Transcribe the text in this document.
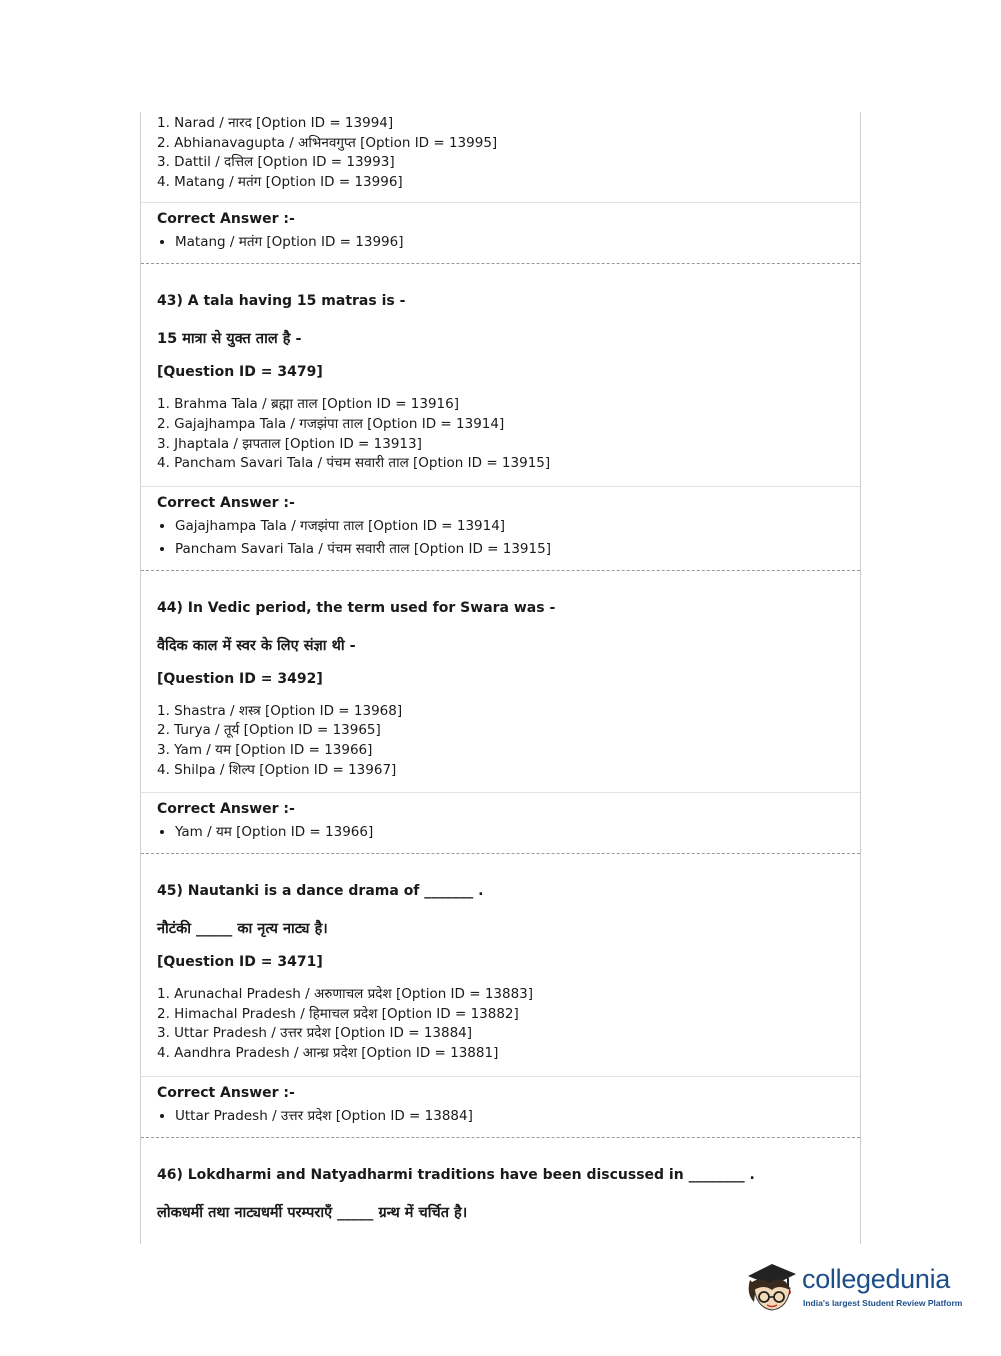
1. Narad / नारद [Option ID = 13994]
2. Abhianavagupta / अभिनवगुप्त [Option ID = 13995]
3. Dattil / दत्तिल [Option ID = 13993]
4. Matang / मतंग [Option ID = 13996]
Correct Answer :-
• Matang / मतंग [Option ID = 13996]
43) A tala having 15 matras is -
15 मात्रा से युक्त ताल है -
[Question ID = 3479]
1. Brahma Tala / ब्रह्मा ताल [Option ID = 13916]
2. Gajajhampa Tala / गजझंपा ताल [Option ID = 13914]
3. Jhaptala / झपताल [Option ID = 13913]
4. Pancham Savari Tala / पंचम सवारी ताल [Option ID = 13915]
Correct Answer :-
• Gajajhampa Tala / गजझंपा ताल [Option ID = 13914]
• Pancham Savari Tala / पंचम सवारी ताल [Option ID = 13915]
44) In Vedic period, the term used for Swara was -
वैदिक काल में स्वर के लिए संज्ञा थी -
[Question ID = 3492]
1. Shastra / शस्त्र [Option ID = 13968]
2. Turya / तूर्य [Option ID = 13965]
3. Yam / यम [Option ID = 13966]
4. Shilpa / शिल्प [Option ID = 13967]
Correct Answer :-
• Yam / यम [Option ID = 13966]
45) Nautanki is a dance drama of _______ .
नौटंकी _____ का नृत्य नाट्य है।
[Question ID = 3471]
1. Arunachal Pradesh / अरुणाचल प्रदेश [Option ID = 13883]
2. Himachal Pradesh / हिमाचल प्रदेश [Option ID = 13882]
3. Uttar Pradesh / उत्तर प्रदेश [Option ID = 13884]
4. Aandhra Pradesh / आन्ध्र प्रदेश [Option ID = 13881]
Correct Answer :-
• Uttar Pradesh / उत्तर प्रदेश [Option ID = 13884]
46) Lokdharmi and Natyadharmi traditions have been discussed in ________ .
लोकधर्मी तथा नाट्यधर्मी परम्पराएँ _____ ग्रन्थ में चर्चित है।
collegedunia
India's largest Student Review Platform
